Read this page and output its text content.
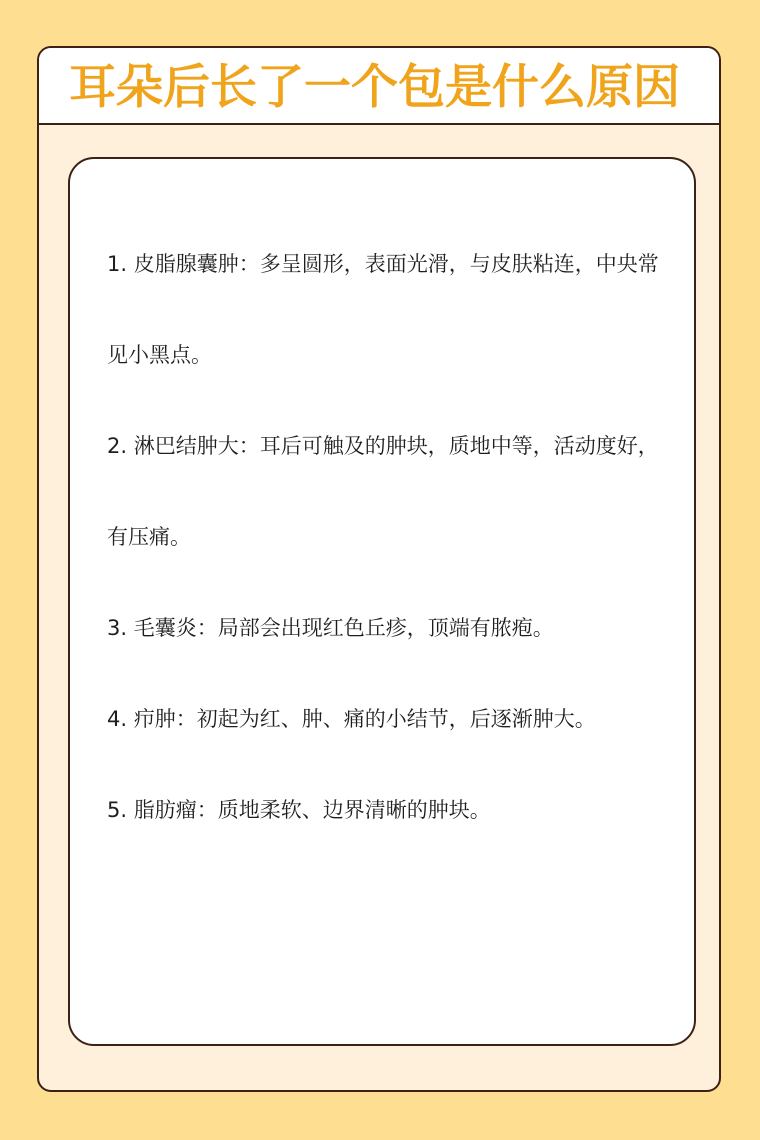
耳朵后长了一个包是什么原因
1. 皮脂腺囊肿：多呈圆形，表面光滑，与皮肤粘连，中央常见小黑点。
2. 淋巴结肿大：耳后可触及的肿块，质地中等，活动度好，有压痛。
3. 毛囊炎：局部会出现红色丘疹，顶端有脓疱。
4. 疖肿：初起为红、肿、痛的小结节，后逐渐肿大。
5. 脂肪瘤：质地柔软、边界清晰的肿块。
